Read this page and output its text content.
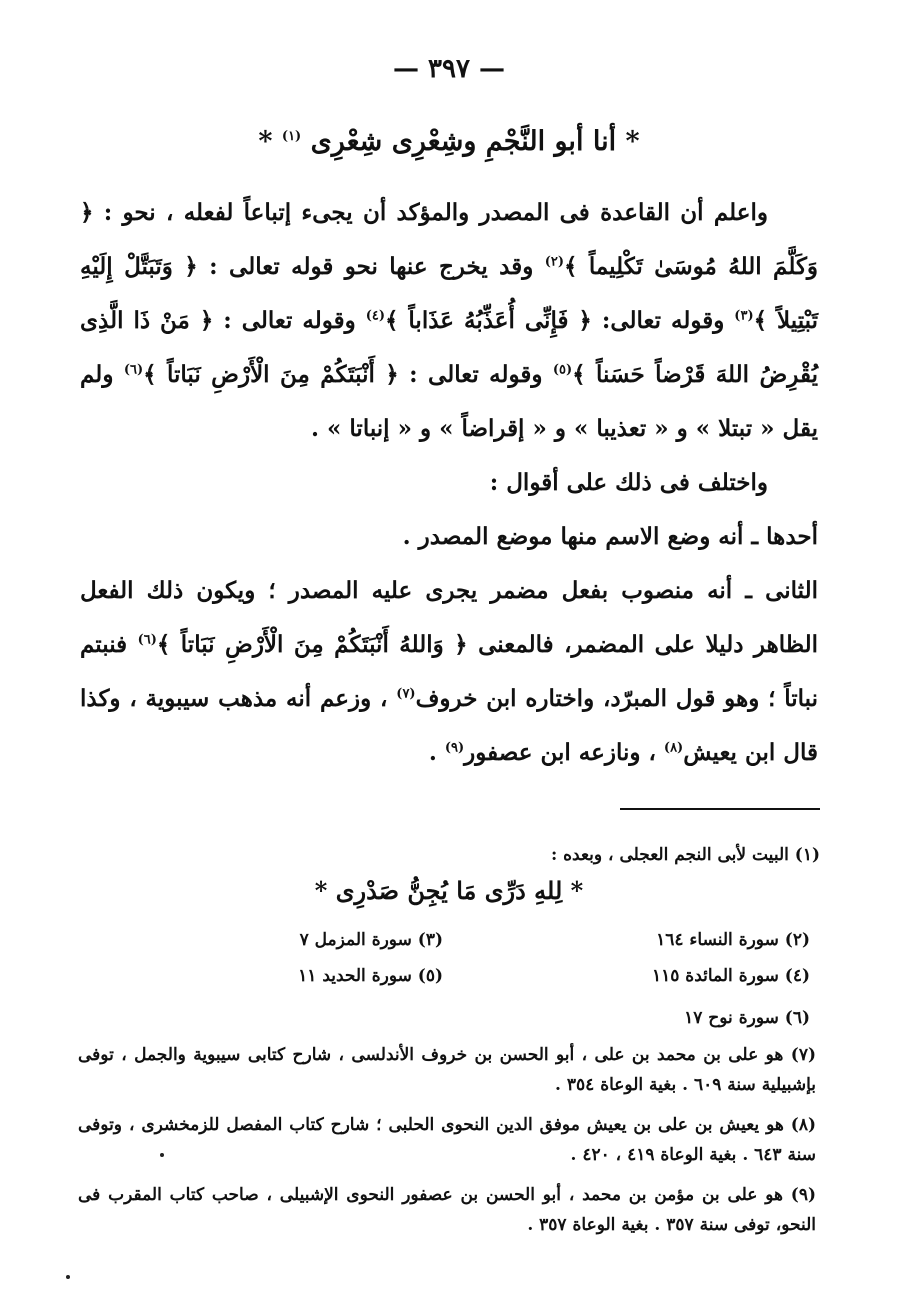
— ٣٩٧ —
* أنا أبو النَّجْمِ وشِعْرِى شِعْرِى $^{(١)}$ *

واعلم أن القاعدة فى المصدر والمؤكد أن يجىء إتباعاً لفعله ، نحو : ﴿ وَكَلَّمَ اللهُ مُوسَىٰ تَكْلِيماً ﴾$^{(٢)}$ وقد يخرج عنها نحو قوله تعالى : ﴿ وَتَبَتَّلْ إِلَيْهِ تَبْتِيلاً ﴾$^{(٣)}$ وقوله تعالى: ﴿ فَإِنِّى أُعَذِّبُهُ عَذَاباً ﴾$^{(٤)}$ وقوله تعالى : ﴿ مَنْ ذَا الَّذِى يُقْرِضُ اللهَ قَرْضاً حَسَناً ﴾$^{(٥)}$ وقوله تعالى : ﴿ أَنْبَتَكُمْ مِنَ الْأَرْضِ نَبَاتاً ﴾$^{(٦)}$ ولم يقل « تبتلا » و « تعذيبا » و « إقراضاً » و « إنباتا » .

واختلف فى ذلك على أقوال :

أحدها ـ أنه وضع الاسم منها موضع المصدر .

الثانى ـ أنه منصوب بفعل مضمر يجرى عليه المصدر ؛ ويكون ذلك الفعل الظاهر دليلا على المضمر، فالمعنى ﴿ وَاللهُ أَنْبَتَكُمْ مِنَ الْأَرْضِ نَبَاتاً ﴾$^{(٦)}$ فنبتم نباتاً ؛ وهو قول المبرّد، واختاره ابن خروف$^{(٧)}$ ، وزعم أنه مذهب سيبوية ، وكذا قال ابن يعيش$^{(٨)}$ ، ونازعه ابن عصفور$^{(٩)}$ .

(١) البيت لأبى النجم العجلى ، وبعده :
* لِلهِ دَرِّى مَا يُجِنُّ صَدْرِى *
(٢) سورة النساء ١٦٤
(٣) سورة المزمل ٧
(٤) سورة المائدة ١١٥
(٥) سورة الحديد ١١
(٦) سورة نوح ١٧
(٧) هو على بن محمد بن على ، أبو الحسن بن خروف الأندلسى ، شارح كتابى سيبوية والجمل ، توفى بإشبيلية سنة ٦٠٩ . بغية الوعاة ٣٥٤ .
(٨) هو يعيش بن على بن يعيش موفق الدين النحوى الحلبى ؛ شارح كتاب المفصل للزمخشرى ، وتوفى سنة ٦٤٣ . بغية الوعاة ٤١٩ ، ٤٢٠ .
(٩) هو على بن مؤمن بن محمد ، أبو الحسن بن عصفور النحوى الإشبيلى ، صاحب كتاب المقرب فى النحو، توفى سنة ٣٥٧ . بغية الوعاة ٣٥٧ .
